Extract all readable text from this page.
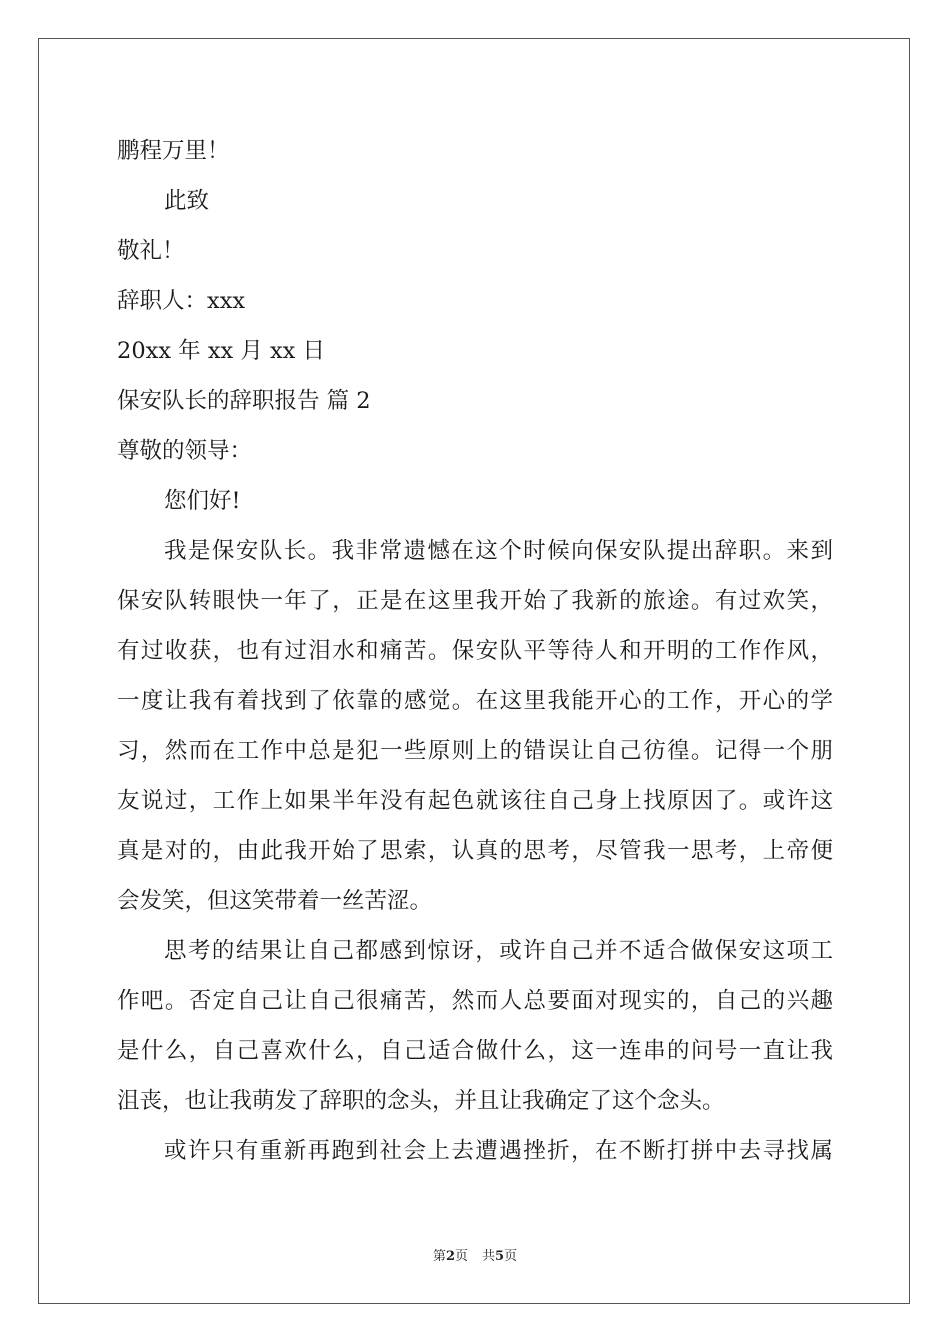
鹏程万里！
此致
敬礼！
辞职人：xxx
20xx 年 xx 月 xx 日
保安队长的辞职报告 篇 2
尊敬的领导：
您们好!
我是保安队长。我非常遗憾在这个时候向保安队提出辞职。来到
保安队转眼快一年了，正是在这里我开始了我新的旅途。有过欢笑，
有过收获，也有过泪水和痛苦。保安队平等待人和开明的工作作风，
一度让我有着找到了依靠的感觉。在这里我能开心的工作，开心的学
习，然而在工作中总是犯一些原则上的错误让自己彷徨。记得一个朋
友说过，工作上如果半年没有起色就该往自己身上找原因了。或许这
真是对的，由此我开始了思索，认真的思考，尽管我一思考，上帝便
会发笑，但这笑带着一丝苦涩。
思考的结果让自己都感到惊讶，或许自己并不适合做保安这项工
作吧。否定自己让自己很痛苦，然而人总要面对现实的，自己的兴趣
是什么，自己喜欢什么，自己适合做什么，这一连串的问号一直让我
沮丧，也让我萌发了辞职的念头，并且让我确定了这个念头。
或许只有重新再跑到社会上去遭遇挫折，在不断打拼中去寻找属
第2页 共5页
